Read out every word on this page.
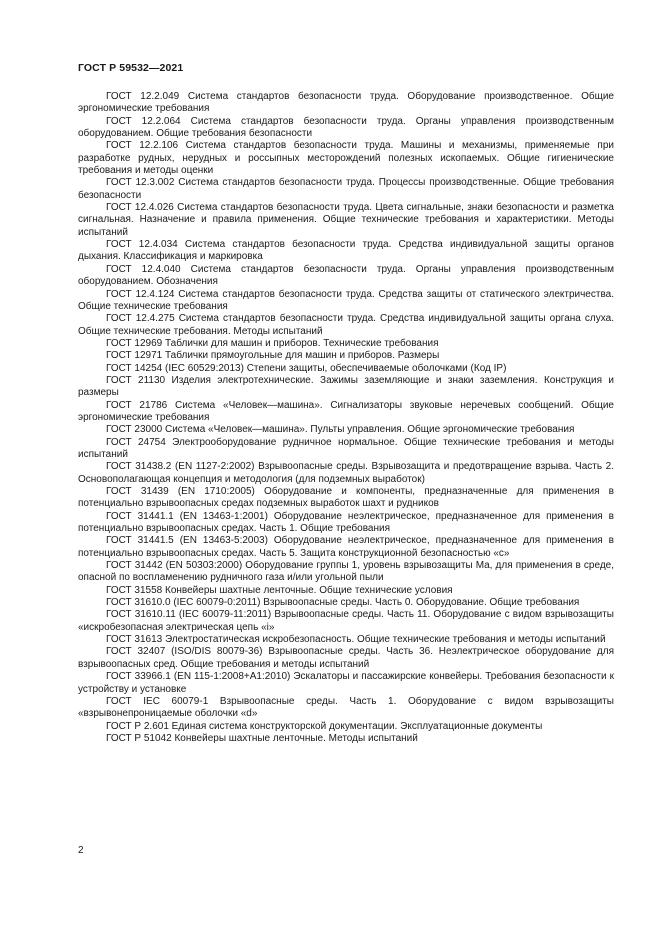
ГОСТ Р 59532—2021

ГОСТ 12.2.049 Система стандартов безопасности труда. Оборудование производственное. Общие эргономические требования

ГОСТ 12.2.064 Система стандартов безопасности труда. Органы управления производственным оборудованием. Общие требования безопасности

ГОСТ 12.2.106 Система стандартов безопасности труда. Машины и механизмы, применяемые при разработке рудных, нерудных и россыпных месторождений полезных ископаемых. Общие гигиенические требования и методы оценки

ГОСТ 12.3.002 Система стандартов безопасности труда. Процессы производственные. Общие требования безопасности

ГОСТ 12.4.026 Система стандартов безопасности труда. Цвета сигнальные, знаки безопасности и разметка сигнальная. Назначение и правила применения. Общие технические требования и характеристики. Методы испытаний

ГОСТ 12.4.034 Система стандартов безопасности труда. Средства индивидуальной защиты органов дыхания. Классификация и маркировка

ГОСТ 12.4.040 Система стандартов безопасности труда. Органы управления производственным оборудованием. Обозначения

ГОСТ 12.4.124 Система стандартов безопасности труда. Средства защиты от статического электричества. Общие технические требования

ГОСТ 12.4.275 Система стандартов безопасности труда. Средства индивидуальной защиты органа слуха. Общие технические требования. Методы испытаний

ГОСТ 12969 Таблички для машин и приборов. Технические требования

ГОСТ 12971 Таблички прямоугольные для машин и приборов. Размеры

ГОСТ 14254 (IEC 60529:2013) Степени защиты, обеспечиваемые оболочками (Код IP)

ГОСТ 21130 Изделия электротехнические. Зажимы заземляющие и знаки заземления. Конструкция и размеры

ГОСТ 21786 Система «Человек—машина». Сигнализаторы звуковые неречевых сообщений. Общие эргономические требования

ГОСТ 23000 Система «Человек—машина». Пульты управления. Общие эргономические требования

ГОСТ 24754 Электрооборудование рудничное нормальное. Общие технические требования и методы испытаний

ГОСТ 31438.2 (EN 1127-2:2002) Взрывоопасные среды. Взрывозащита и предотвращение взрыва. Часть 2. Основополагающая концепция и методология (для подземных выработок)

ГОСТ 31439 (EN 1710:2005) Оборудование и компоненты, предназначенные для применения в потенциально взрывоопасных средах подземных выработок шахт и рудников

ГОСТ 31441.1 (EN 13463-1:2001) Оборудование неэлектрическое, предназначенное для применения в потенциально взрывоопасных средах. Часть 1. Общие требования

ГОСТ 31441.5 (EN 13463-5:2003) Оборудование неэлектрическое, предназначенное для применения в потенциально взрывоопасных средах. Часть 5. Защита конструкционной безопасностью «c»

ГОСТ 31442 (EN 50303:2000) Оборудование группы 1, уровень взрывозащиты Ma, для применения в среде, опасной по воспламенению рудничного газа и/или угольной пыли

ГОСТ 31558 Конвейеры шахтные ленточные. Общие технические условия

ГОСТ 31610.0 (IEC 60079-0:2011) Взрывоопасные среды. Часть 0. Оборудование. Общие требования

ГОСТ 31610.11 (IEC 60079-11:2011) Взрывоопасные среды. Часть 11. Оборудование с видом взрывозащиты «искробезопасная электрическая цепь «i»

ГОСТ 31613 Электростатическая искробезопасность. Общие технические требования и методы испытаний

ГОСТ 32407 (ISO/DIS 80079-36) Взрывоопасные среды. Часть 36. Неэлектрическое оборудование для взрывоопасных сред. Общие требования и методы испытаний

ГОСТ 33966.1 (EN 115-1:2008+A1:2010) Эскалаторы и пассажирские конвейеры. Требования безопасности к устройству и установке

ГОСТ IEC 60079-1 Взрывоопасные среды. Часть 1. Оборудование с видом взрывозащиты «взрывонепроницаемые оболочки «d»

ГОСТ Р 2.601 Единая система конструкторской документации. Эксплуатационные документы

ГОСТ Р 51042 Конвейеры шахтные ленточные. Методы испытаний

2
